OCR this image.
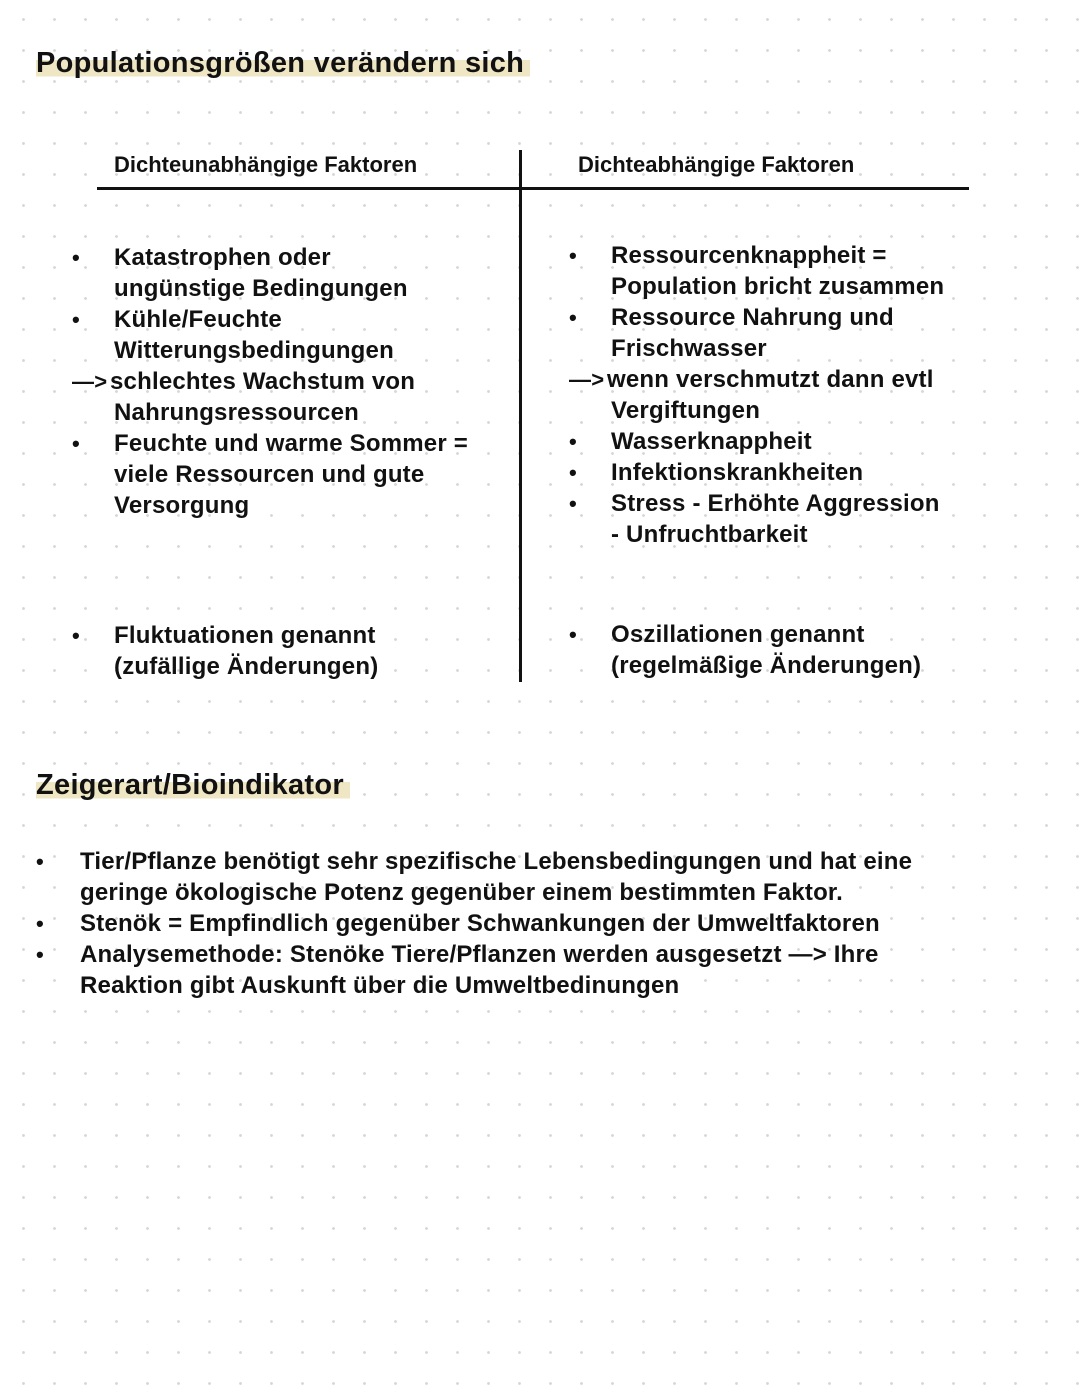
Populationsgrößen verändern sich
Dichteunabhängige Faktoren	Dichteabhängige Faktoren
• Katastrophen oder
ungünstige Bedingungen
• Kühle/Feuchte
Witterungsbedingungen
—> schlechtes Wachstum von
Nahrungsressourcen
• Feuchte und warme Sommer =
viele Ressourcen und gute
Versorgung
• Fluktuationen genannt
(zufällige Änderungen)
• Ressourcenknappheit =
Population bricht zusammen
• Ressource Nahrung und
Frischwasser
—> wenn verschmutzt dann evtl
Vergiftungen
• Wasserknappheit
• Infektionskrankheiten
• Stress - Erhöhte Aggression
- Unfruchtbarkeit
• Oszillationen genannt
(regelmäßige Änderungen)
Zeigerart/Bioindikator
• Tier/Pflanze benötigt sehr spezifische Lebensbedingungen und hat eine
geringe ökologische Potenz gegenüber einem bestimmten Faktor.
• Stenök = Empfindlich gegenüber Schwankungen der Umweltfaktoren
• Analysemethode: Stenöke Tiere/Pflanzen werden ausgesetzt —> Ihre
Reaktion gibt Auskunft über die Umweltbedinungen
